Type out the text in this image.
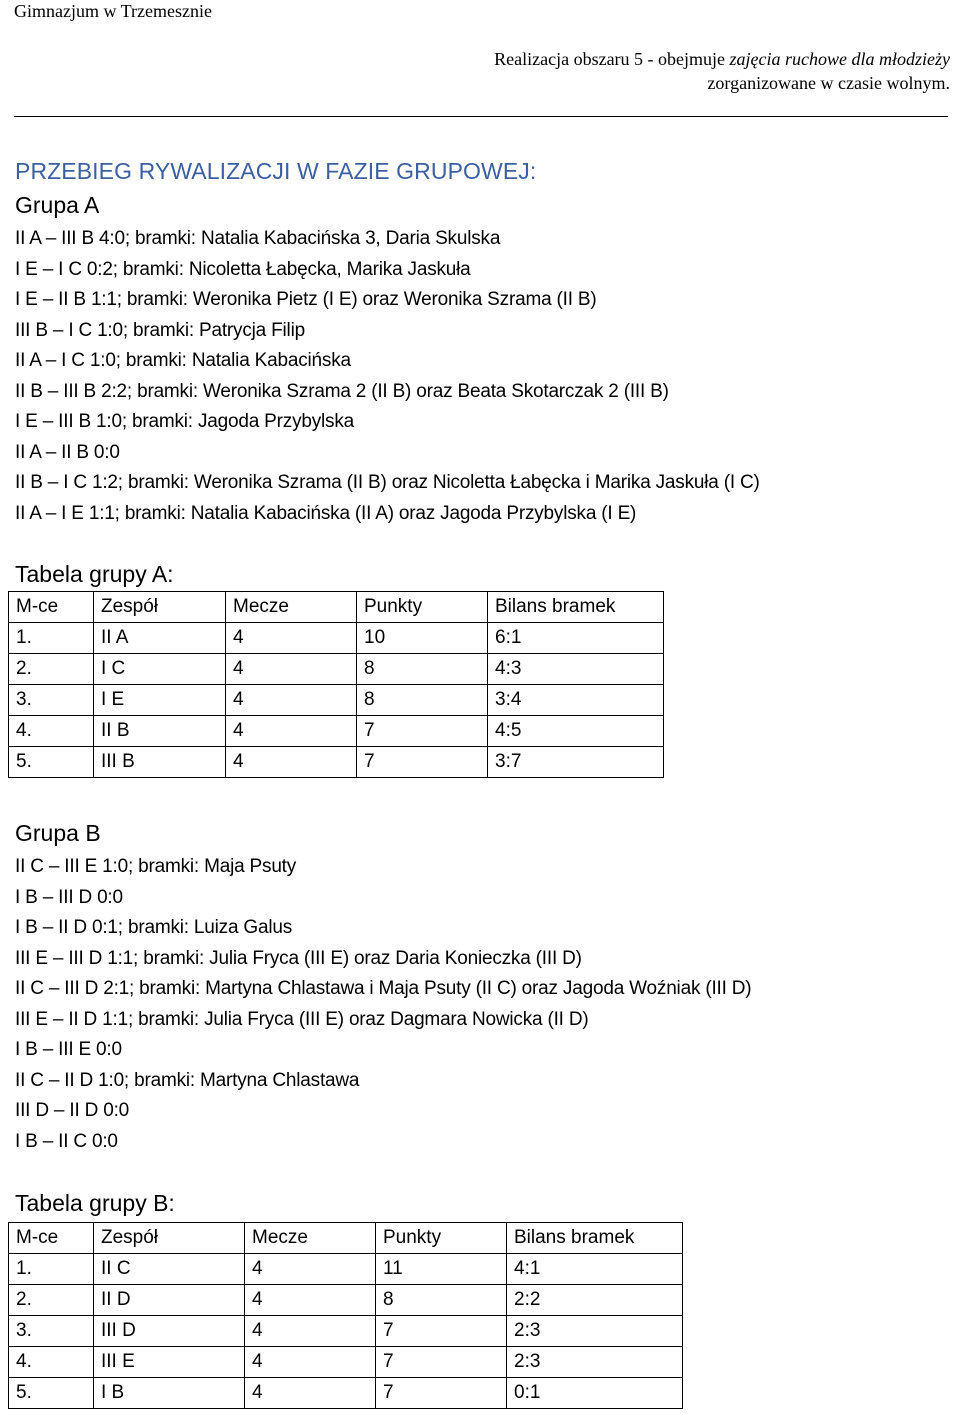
Gimnazjum w Trzemesznie
Realizacja obszaru 5 - obejmuje zajęcia ruchowe dla młodzieży
zorganizowane w czasie wolnym.
PRZEBIEG RYWALIZACJI W FAZIE GRUPOWEJ:
Grupa A
II A – III B 4:0; bramki: Natalia Kabacińska 3, Daria Skulska
I E – I C 0:2; bramki: Nicoletta Łabęcka, Marika Jaskuła
I E – II B 1:1; bramki: Weronika Pietz (I E) oraz Weronika Szrama (II B)
III B – I C 1:0; bramki: Patrycja Filip
II A – I C 1:0; bramki: Natalia Kabacińska
II B – III B 2:2; bramki: Weronika Szrama 2 (II B) oraz Beata Skotarczak 2 (III B)
I E – III B 1:0; bramki: Jagoda Przybylska
II A – II B 0:0
II B – I C 1:2; bramki: Weronika Szrama (II B) oraz Nicoletta Łabęcka i Marika Jaskuła (I C)
II A – I E 1:1; bramki: Natalia Kabacińska (II A) oraz Jagoda Przybylska (I E)
Tabela grupy A:
M-ce	Zespół	Mecze	Punkty	Bilans bramek
1.	II A	4	10	6:1
2.	I C	4	8	4:3
3.	I E	4	8	3:4
4.	II B	4	7	4:5
5.	III B	4	7	3:7
Grupa B
II C – III E 1:0; bramki: Maja Psuty
I B – III D 0:0
I B – II D 0:1; bramki: Luiza Galus
III E – III D 1:1; bramki: Julia Fryca (III E) oraz Daria Konieczka (III D)
II C – III D 2:1; bramki: Martyna Chlastawa i Maja Psuty (II C) oraz Jagoda Woźniak (III D)
III E – II D 1:1; bramki: Julia Fryca (III E) oraz Dagmara Nowicka (II D)
I B – III E 0:0
II C – II D 1:0; bramki: Martyna Chlastawa
III D – II D 0:0
I B – II C 0:0
Tabela grupy B:
M-ce	Zespół	Mecze	Punkty	Bilans bramek
1.	II C	4	11	4:1
2.	II D	4	8	2:2
3.	III D	4	7	2:3
4.	III E	4	7	2:3
5.	I B	4	7	0:1
